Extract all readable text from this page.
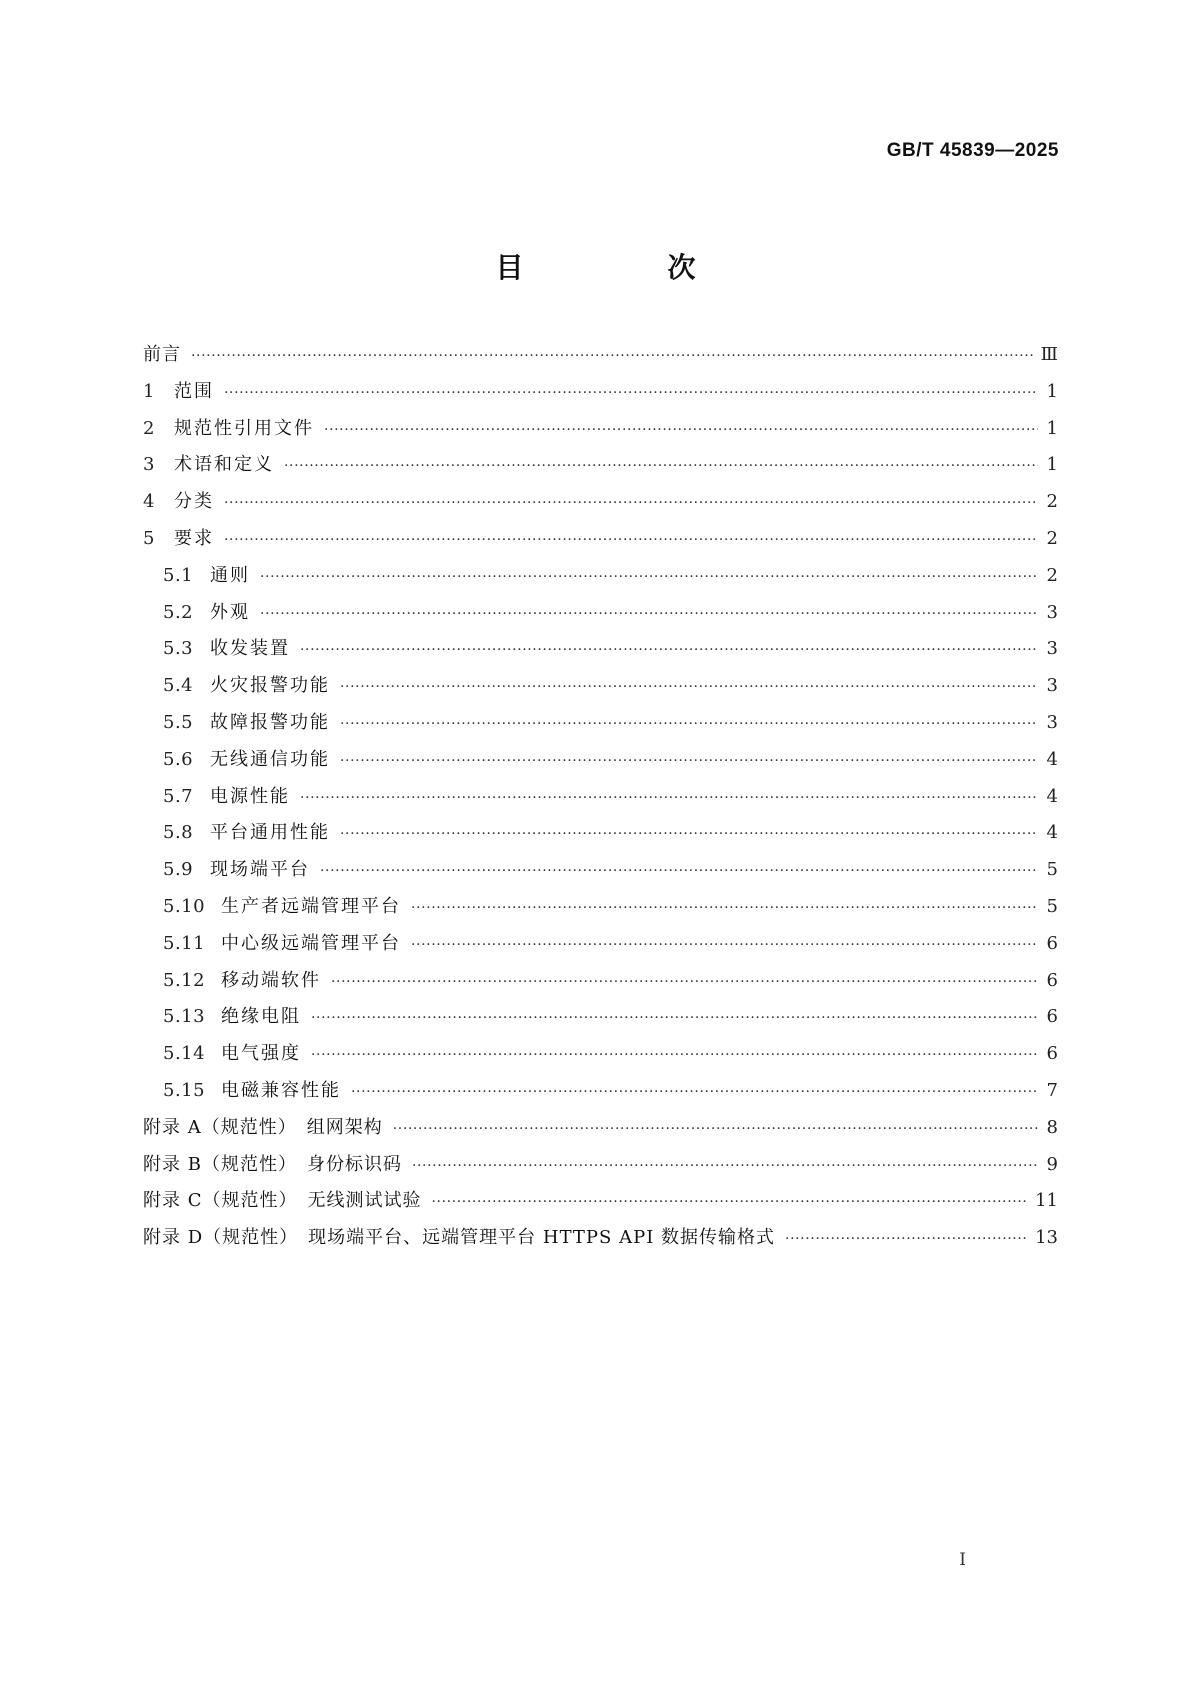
GB/T 45839—2025
目　次
前言 ·····	Ⅲ
1	范围 ·····	1
2	规范性引用文件 ·····	1
3	术语和定义 ·····	1
4	分类 ·····	2
5	要求 ·····	2
5.1 通则 ·····	2
5.2 外观 ·····	3
5.3 收发装置 ·····	3
5.4 火灾报警功能 ·····	3
5.5 故障报警功能 ·····	3
5.6 无线通信功能 ·····	4
5.7 电源性能 ·····	4
5.8 平台通用性能 ·····	4
5.9 现场端平台 ·····	5
5.10 生产者远端管理平台 ·····	5
5.11 中心级远端管理平台 ·····	6
5.12 移动端软件 ·····	6
5.13 绝缘电阻 ·····	6
5.14 电气强度 ·····	6
5.15 电磁兼容性能 ·····	7
附录 A（规范性）　组网架构 ·····	8
附录 B（规范性）　身份标识码 ·····	9
附录 C（规范性）　无线测试试验 ·····	11
附录 D（规范性）　现场端平台、远端管理平台 HTTPS API 数据传输格式 ·····	13
I
